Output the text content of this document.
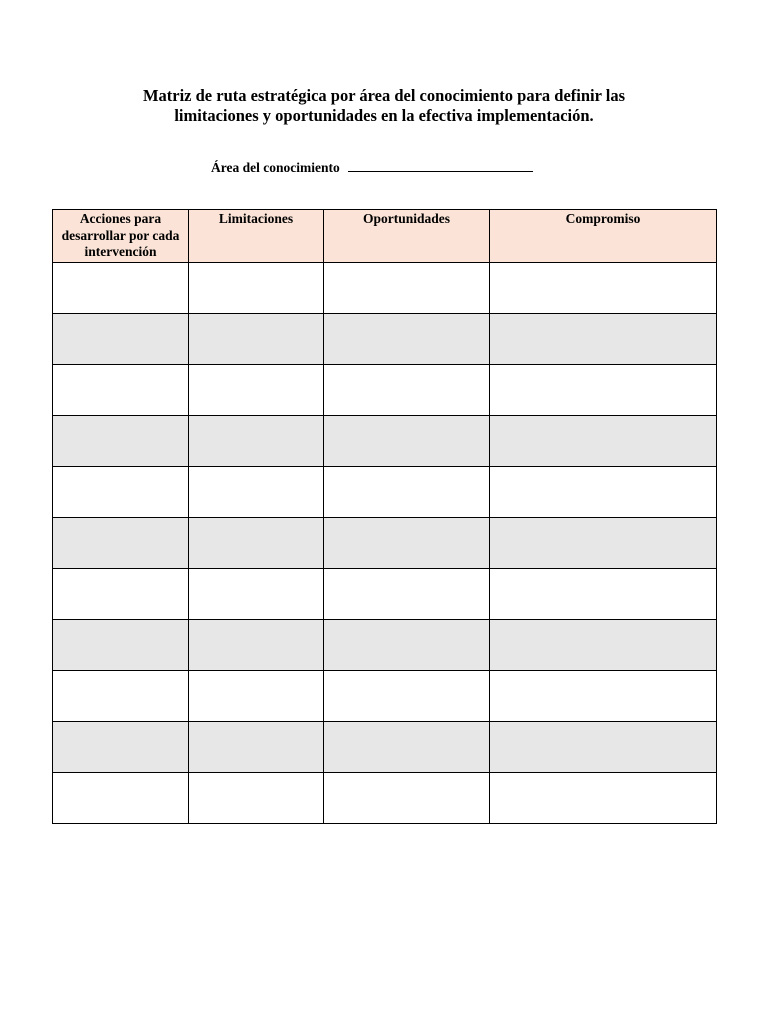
Matriz de ruta estratégica por área del conocimiento para definir las
limitaciones y oportunidades en la efectiva implementación.
Área del conocimiento
Acciones para desarrollar por cada intervención	Limitaciones	Oportunidades	Compromiso
